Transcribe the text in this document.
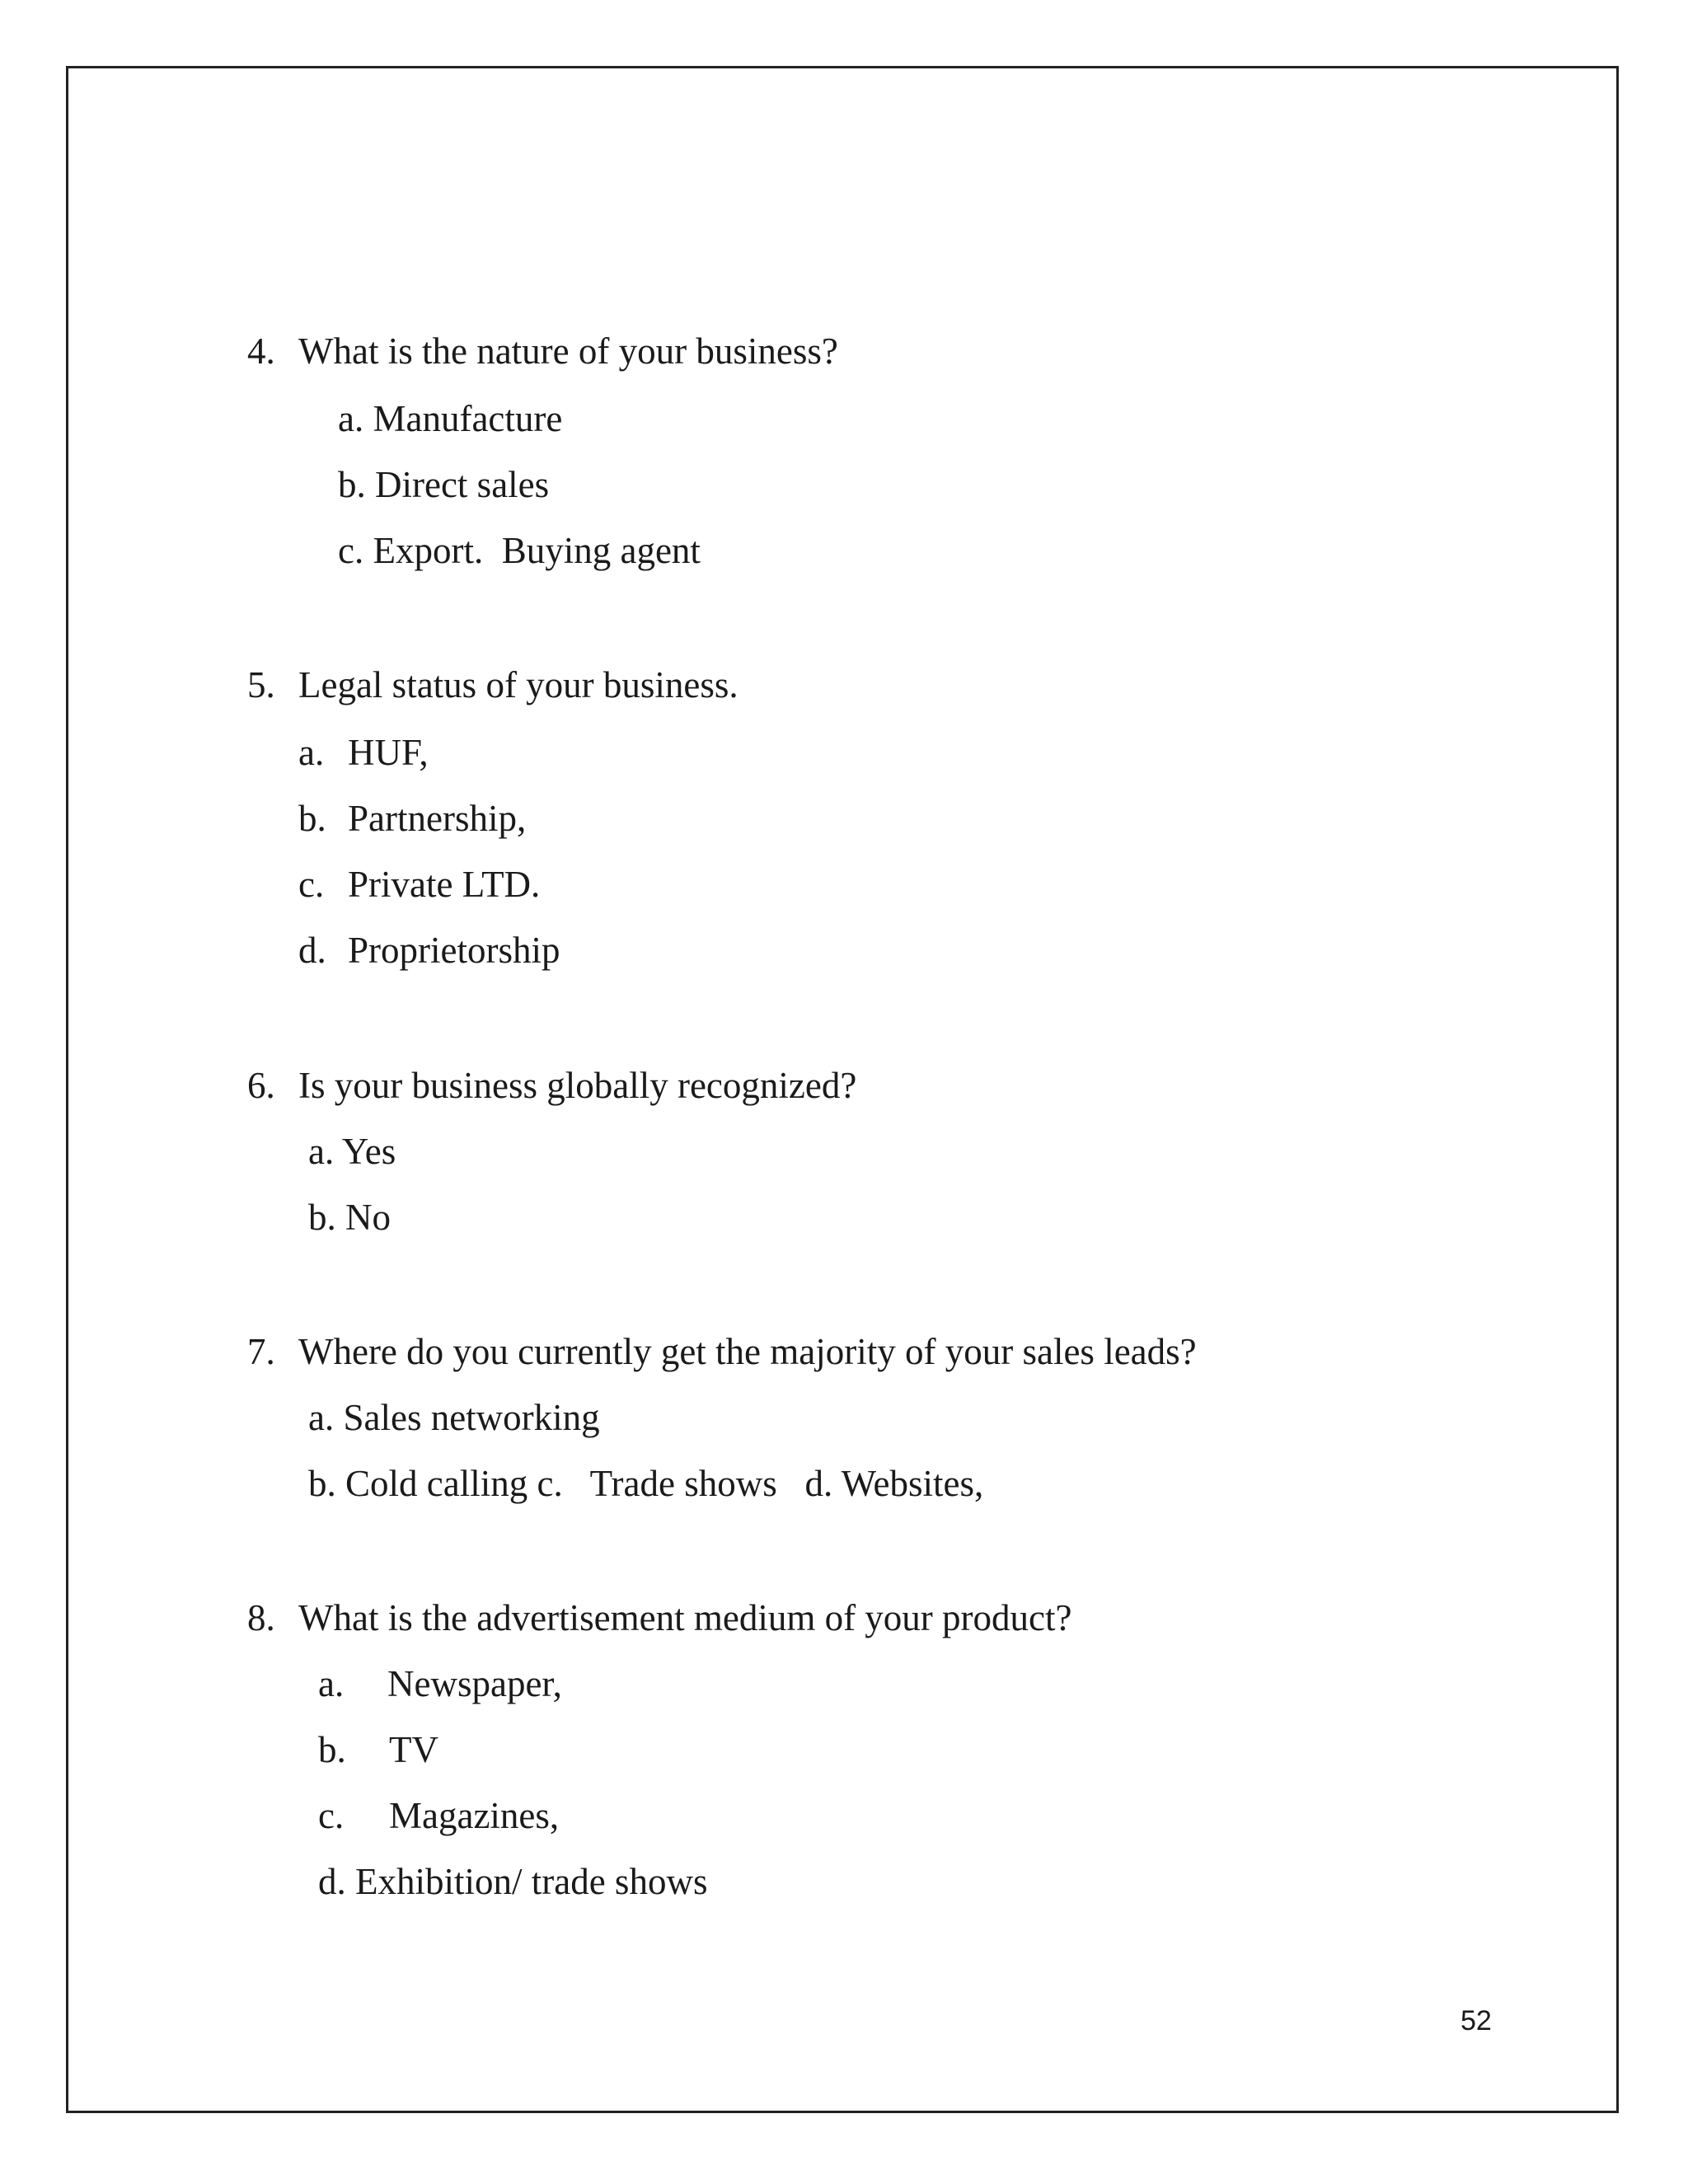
4. What is the nature of your business?
a. Manufacture
b. Direct sales
c. Export.  Buying agent
5. Legal status of your business.
a. HUF,
b. Partnership,
c. Private LTD.
d. Proprietorship
6. Is your business globally recognized?
a. Yes
b. No
7. Where do you currently get the majority of your sales leads?
a. Sales networking
b. Cold calling c.   Trade shows   d. Websites,
8. What is the advertisement medium of your product?
a. Newspaper,
b. TV
c. Magazines,
d. Exhibition/ trade shows
52
